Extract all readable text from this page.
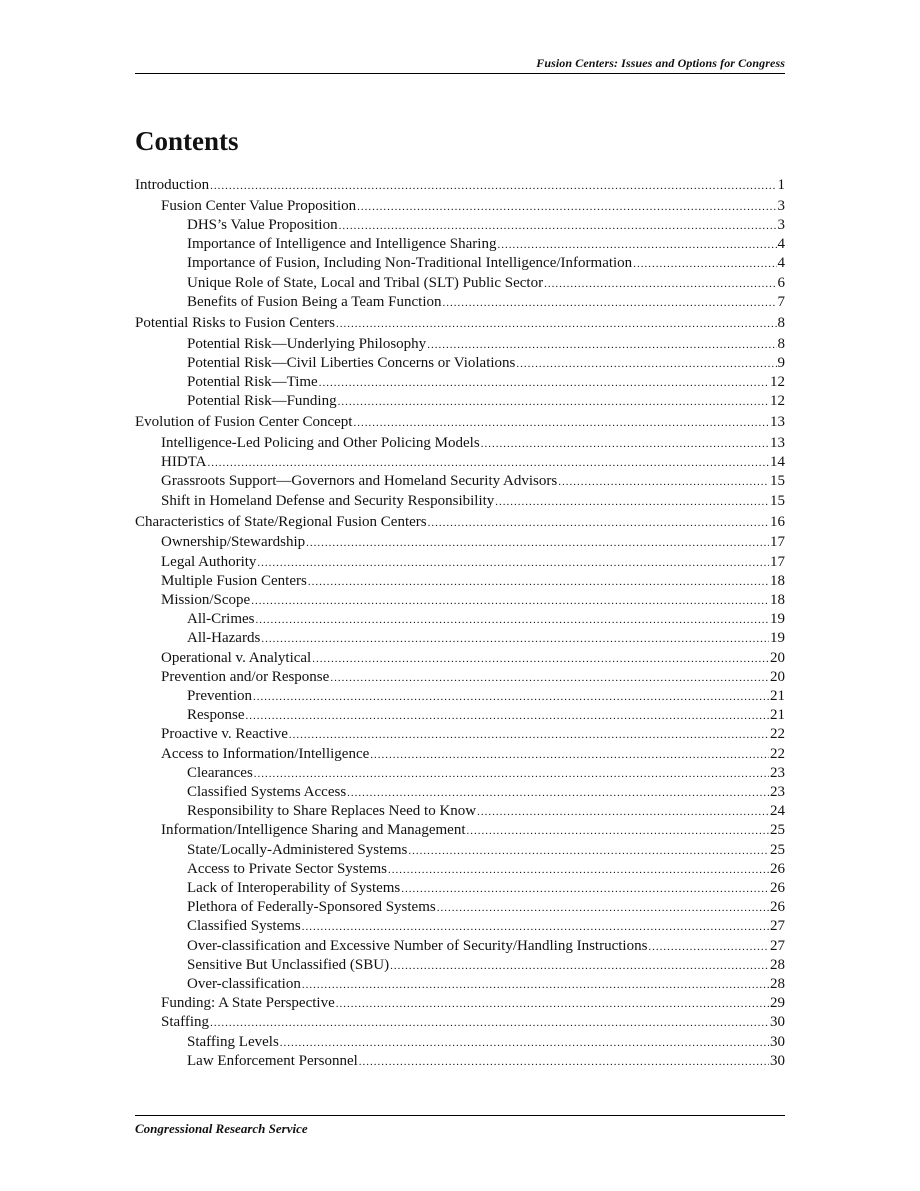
Fusion Centers: Issues and Options for Congress
Contents
Introduction .....	1
Fusion Center Value Proposition .....	3
DHS’s Value Proposition .....	3
Importance of Intelligence and Intelligence Sharing .....	4
Importance of Fusion, Including Non-Traditional Intelligence/Information .....	4
Unique Role of State, Local and Tribal (SLT) Public Sector .....	6
Benefits of Fusion Being a Team Function .....	7
Potential Risks to Fusion Centers .....	8
Potential Risk—Underlying Philosophy .....	8
Potential Risk—Civil Liberties Concerns or Violations .....	9
Potential Risk—Time .....	12
Potential Risk—Funding .....	12
Evolution of Fusion Center Concept .....	13
Intelligence-Led Policing and Other Policing Models .....	13
HIDTA .....	14
Grassroots Support—Governors and Homeland Security Advisors .....	15
Shift in Homeland Defense and Security Responsibility .....	15
Characteristics of State/Regional Fusion Centers .....	16
Ownership/Stewardship .....	17
Legal Authority .....	17
Multiple Fusion Centers .....	18
Mission/Scope .....	18
All-Crimes .....	19
All-Hazards .....	19
Operational v. Analytical .....	20
Prevention and/or Response .....	20
Prevention .....	21
Response .....	21
Proactive v. Reactive .....	22
Access to Information/Intelligence .....	22
Clearances .....	23
Classified Systems Access .....	23
Responsibility to Share Replaces Need to Know .....	24
Information/Intelligence Sharing and Management .....	25
State/Locally-Administered Systems .....	25
Access to Private Sector Systems .....	26
Lack of Interoperability of Systems .....	26
Plethora of Federally-Sponsored Systems .....	26
Classified Systems .....	27
Over-classification and Excessive Number of Security/Handling Instructions .....	27
Sensitive But Unclassified (SBU) .....	28
Over-classification .....	28
Funding: A State Perspective .....	29
Staffing .....	30
Staffing Levels .....	30
Law Enforcement Personnel .....	30
Congressional Research Service
